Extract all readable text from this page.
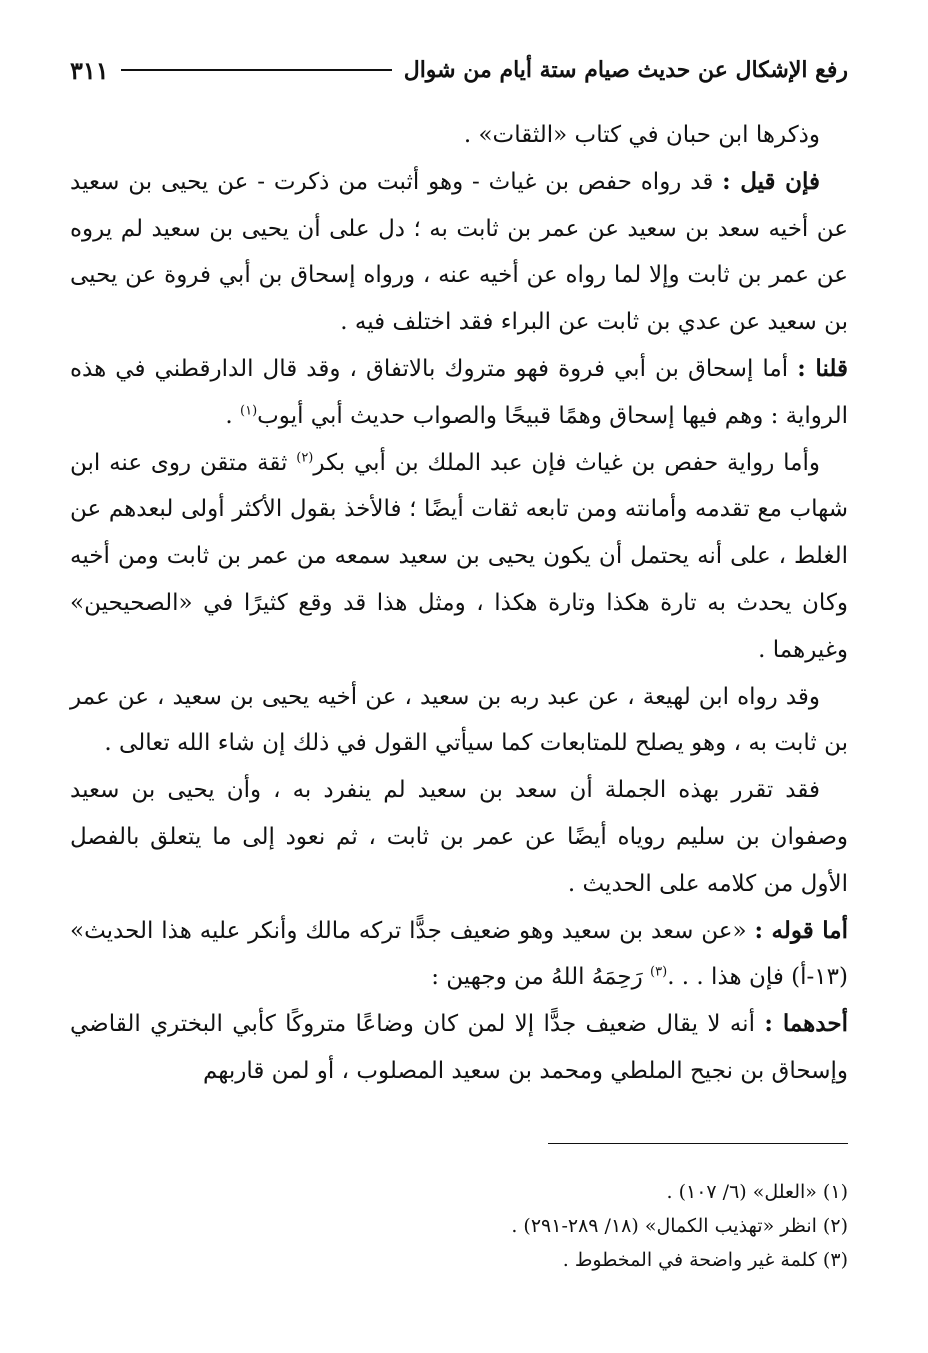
رفع الإشكال عن حديث صيام ستة أيام من شوال
٣١١

وذكرها ابن حبان في كتاب «الثقات» .

فإن قيل : قد رواه حفص بن غياث - وهو أثبت من ذكرت - عن يحيى بن سعيد عن أخيه سعد بن سعيد عن عمر بن ثابت به ؛ دل على أن يحيى بن سعيد لم يروه عن عمر بن ثابت وإلا لما رواه عن أخيه عنه ، ورواه إسحاق بن أبي فروة عن يحيى بن سعيد عن عدي بن ثابت عن البراء فقد اختلف فيه .

قلنا : أما إسحاق بن أبي فروة فهو متروك بالاتفاق ، وقد قال الدارقطني في هذه الرواية : وهم فيها إسحاق وهمًا قبيحًا والصواب حديث أبي أيوب$^{(١)}$ .

وأما رواية حفص بن غياث فإن عبد الملك بن أبي بكر$^{(٢)}$ ثقة متقن روى عنه ابن شهاب مع تقدمه وأمانته ومن تابعه ثقات أيضًا ؛ فالأخذ بقول الأكثر أولى لبعدهم عن الغلط ، على أنه يحتمل أن يكون يحيى بن سعيد سمعه من عمر بن ثابت ومن أخيه وكان يحدث به تارة هكذا وتارة هكذا ، ومثل هذا قد وقع كثيرًا في «الصحيحين» وغيرهما .

وقد رواه ابن لهيعة ، عن عبد ربه بن سعيد ، عن أخيه يحيى بن سعيد ، عن عمر بن ثابت به ، وهو يصلح للمتابعات كما سيأتي القول في ذلك إن شاء الله تعالى .

فقد تقرر بهذه الجملة أن سعد بن سعيد لم ينفرد به ، وأن يحيى بن سعيد وصفوان بن سليم روياه أيضًا عن عمر بن ثابت ، ثم نعود إلى ما يتعلق بالفصل الأول من كلامه على الحديث .

أما قوله : «عن سعد بن سعيد وهو ضعيف جدًّا تركه مالك وأنكر عليه هذا الحديث» (١٣-أ) فإن هذا . . .$^{(٣)}$ رَحِمَهُ اللهُ من وجهين :

أحدهما : أنه لا يقال ضعيف جدًّا إلا لمن كان وضاعًا متروكًا كأبي البختري القاضي وإسحاق بن نجيح الملطي ومحمد بن سعيد المصلوب ، أو لمن قاربهم

(١) «العلل» (٦/ ١٠٧) .

(٢) انظر «تهذيب الكمال» (١٨/ ٢٨٩-٢٩١) .

(٣) كلمة غير واضحة في المخطوط .
